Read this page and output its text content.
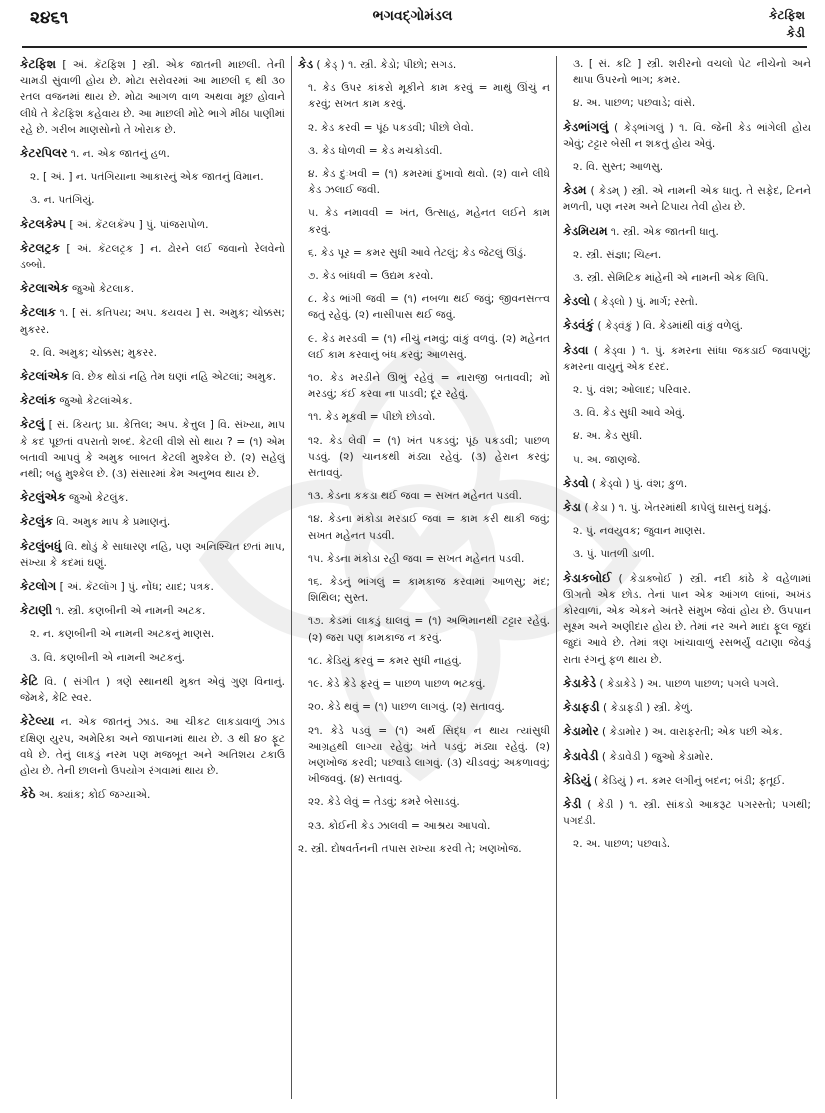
૨૪૬૧	ભગવદ્ગોમંડલ	કેટફિશ
કેડી
કેટફિશ [ અં. કૅટફિશ ] સ્ત્રી. એક જાતની માછલી. તેની ચામડી સુંવાળી હોય છે. મોટા સરોવરમાં આ માછલી ૬ થી ૩૦ રતલ વજનમાં થાય છે. મોઢા આગળ વાળ અથવા મૂછ હોવાને લીધે તે કેટફિશ કહેવાય છે. આ માછલી મોટે ભાગે મીઠા પાણીમાં રહે છે. ગરીબ માણસોનો તે ખોરાક છે.
કેટરપિલર ૧. ન. એક જાતનું હળ.
૨. [ અં. ] ન. પતંગિયાના આકારનું એક જાતનું વિમાન.
૩. ન. પતંગિયું.
કેટલકેમ્પ [ અં. કૅટલકૅમ્પ ] પું. પાંજરાપોળ.
કેટલટ્રક [ અં. કૅટલટ્રક ] ન. ઢોરને લઈ જવાનો રેલવેનો ડબ્બો.
કેટલાએક જુઓ કેટલાક.
કેટલાક ૧. [ સં. કતિપય; અપ. કયવય ] સ. અમુક; ચોક્કસ; મુકરર.
૨. વિ. અમુક; ચોક્કસ; મુકરર.
કેટલાંએક વિ. છેક થોડાં નહિ તેમ ઘણાં નહિ એટલાં; અમુક.
કેટલાંક જુઓ કેટલાંએક.
કેટલું [ સં. કિયત્; પ્રા. કેત્તિલ; અપ. કેત્તુલ ] વિ. સંખ્યા, માપ કે કદ પૂછતાં વપરાતો શબ્દ. કેટલી વીશે સો થાય ? = (૧) એમ બતાવી આપવું કે અમુક બાબત કેટલી મુશ્કેલ છે. (૨) સહેલું નથી; બહુ મુશ્કેલ છે. (૩) સંસારમાં કેમ અનુભવ થાય છે.
કેટલુંએક જુઓ કેટલુંક.
કેટલુંક વિ. અમુક માપ કે પ્રમાણનું.
કેટલુંબધું વિ. થોડું કે સાધારણ નહિ, પણ અનિશ્ચિત છતાં માપ, સંખ્યા કે કદમાં ઘણું.
કેટલોગ [ અં. કૅટલૉગ ] પું. નોંધ; યાદ; પત્રક.
કેટાણી ૧. સ્ત્રી. કણબીની એ નામની અટક.
૨. ન. કણબીની એ નામની અટકનું માણસ.
૩. વિ. કણબીની એ નામની અટકનું.
કેટિ વિ. ( સંગીત ) ત્રણે સ્થાનથી મુક્ત એવું ગુણ વિનાનું. જેમકે, કેટિ સ્વર.
કેટેલ્યા ન. એક જાતનું ઝાડ. આ ચીકટ લાકડાવાળું ઝાડ દક્ષિણ યુરપ, અમેરિકા અને જાપાનમાં થાય છે. ૩ થી ૪૦ ફૂટ વધે છે. તેનું લાકડું નરમ પણ મજબૂત અને અતિશય ટકાઉ હોય છે. તેની છાલનો ઉપયોગ રંગવામાં થાય છે.
કેઠે અ. ક્યાંક; કોઈ જગ્યાએ.
કેડ ( કેડ્ ) ૧. સ્ત્રી. કેડો; પીછો; સગડ.
૧. કેડ ઉપર કાંકરો મૂકીને કામ કરવું = માથું ઊંચું ન કરવું; સખત કામ કરવું.
૨. કેડ કરવી = પૂંઠ પકડવી; પીછો લેવો.
૩. કેડ ધોળવી = કેડ મચકોડવી.
૪. કેડ દુઃખવી = (૧) કમરમાં દુખાવો થવો. (૨) વાને લીધે કેડ ઝલાઈ જવી.
૫. કેડ નમાવવી = ખંત, ઉત્સાહ, મહેનત લઈને કામ કરવું.
૬. કેડ પૂર = કમર સુધી આવે તેટલું; કેડ જેટલું ઊંડું.
૭. કેડ બાંધવી = ઉદ્યમ કરવો.
૮. કેડ ભાંગી જવી = (૧) નબળા થઈ જવું; જીવનસત્ત્વ જતું રહેવું. (૨) નાસીપાસ થઈ જવું.
૯. કેડ મરડવી = (૧) નીચું નમવું; વાંકું વળવું. (૨) મહેનત લઈ કામ કરવાનું બંધ કરવું; આળસવું.
૧૦. કેડ મરડીને ઊભું રહેવું = નારાજી બતાવવી; મોં મરડવું; કંઈ કરવા ના પાડવી; દૂર રહેવું.
૧૧. કેડ મૂકવી = પીછો છોડવો.
૧૨. કેડ લેવી = (૧) ખંત પકડવું; પૂંઠ પકડવી; પાછળ પડવું. (૨) ચાનકથી મંડ્યા રહેવું. (૩) હેરાન કરવું; સતાવવું.
૧૩. કેડના કકડા થઈ જવા = સખત મહેનત પડવી.
૧૪. કેડના મંકોડા મરડાઈ જવા = કામ કરી થાકી જવું; સખત મહેનત પડવી.
૧૫. કેડના મંકોડા રહી જવા = સખત મહેનત પડવી.
૧૬. કેડનું ભાંગલું = કામકાજ કરવામાં આળસુ; મંદ; શિથિલ; સુસ્ત.
૧૭. કેડમાં લાકડું ઘાલવું = (૧) અભિમાનથી ટટ્ટાર રહેવું. (૨) જરા પણ કામકાજ ન કરવું.
૧૮. કેડિયું કરવું = કમર સુધી નાહવું.
૧૯. કેડે કેડે ફરવું = પાછળ પાછળ ભટકવું.
૨૦. કેડે થવું = (૧) પાછળ લાગવું. (૨) સતાવવું.
૨૧. કેડે પડવું = (૧) અર્થ સિદ્ધ ન થાય ત્યાંસુધી આગ્રહથી લાગ્યા રહેવું; ખંતે પડવું; મંડ્યા રહેવું. (૨) ખણખોજ કરવી; પછવાડે લાગવું. (૩) ચીડવવું; અકળાવવું; ખીજવવું. (૪) સતાવવું.
૨૨. કેડે લેવું = તેડવું; કમરે બેસાડવું.
૨૩. કોઈની કેડ ઝાલવી = આશ્રય આપવો.
૨. સ્ત્રી. દોષવર્તનની તપાસ રાખ્યા કરવી તે; ખણખોજ.
૩. [ સં. કટિ ] સ્ત્રી. શરીરનો વચલો પેટ નીચેનો અને થાપા ઉપરનો ભાગ; કમર.
૪. અ. પાછળ; પછવાડે; વાંસે.
કેડભાંગલું ( કેડ્ભાંગલું ) ૧. વિ. જેની કેડ ભાંગેલી હોય એવું; ટટ્ટાર બેસી ન શકતું હોય એવું.
૨. વિ. સુસ્ત; આળસુ.
કેડમ ( કેડમ્ ) સ્ત્રી. એ નામની એક ધાતુ. તે સફેદ, ટિનને મળતી, પણ નરમ અને ટિપાય તેવી હોય છે.
કેડમિયમ ૧. સ્ત્રી. એક જાતની ધાતુ.
૨. સ્ત્રી. સંજ્ઞા; ચિહ્ન.
૩. સ્ત્રી. સેમિટિક માંહેની એ નામની એક લિપિ.
કેડલો ( કેડ્લો ) પું. માર્ગ; રસ્તો.
કેડવંકું ( કેડ્વંકું ) વિ. કેડમાંથી વાંકું વળેલું.
કેડવા ( કેડ્વા ) ૧. પું. કમરના સાંધા જકડાઈ જવાપણું; કમરના વાયુનું એક દરદ.
૨. પું. વંશ; ઓલાદ; પરિવાર.
૩. વિ. કેડ સુધી આવે એવું.
૪. અ. કેડ સુધી.
૫. અ. જાણજે.
કેડવો ( કેડ્વો ) પું. વંશ; કુળ.
કેડા ( કેડા ) ૧. પું. ખેતરમાંથી કાપેલું ઘાસનું ઘમૂડું.
૨. પું. નવયુવક; જુવાન માણસ.
૩. પું. પાતળી ડાળી.
કેડાકબોઈ ( કેડાક્બોઈ ) સ્ત્રી. નદી કાંઠે કે વહેળામાં ઊગતો એક છોડ. તેનાં પાન એક આંગળ લાંબાં, અખંડ કોરવાળાં, એક એકને અંતરે સંમુખ જેવાં હોય છે. ઉપપાન સૂક્ષ્મ અને અણીદાર હોય છે. તેમાં નર અને માદા ફૂલ જુદાં જુદાં આવે છે. તેમાં ત્રણ ખાંચાવાળું રસભર્યું વટાણા જેવડું રાતા રંગનું ફળ થાય છે.
કેડાકેડે ( કેડાકેડે ) અ. પાછળ પાછળ; પગલે પગલે.
કેડાફડી ( કેડાફડી ) સ્ત્રી. કેળું.
કેડામોર ( કેડામોર ) અ. વારાફરતી; એક પછી એક.
કેડાવેડી ( કેડાવેડી ) જુઓ કેડામોર.
કેડિયું ( કેડિયું ) ન. કમર લગીનું બદન; બંડી; ફતૂઈ.
કેડી ( કેડી ) ૧. સ્ત્રી. સાંકડો આકરૂટ પગરસ્તો; પગથી; પગદંડી.
૨. અ. પાછળ; પછવાડે.
